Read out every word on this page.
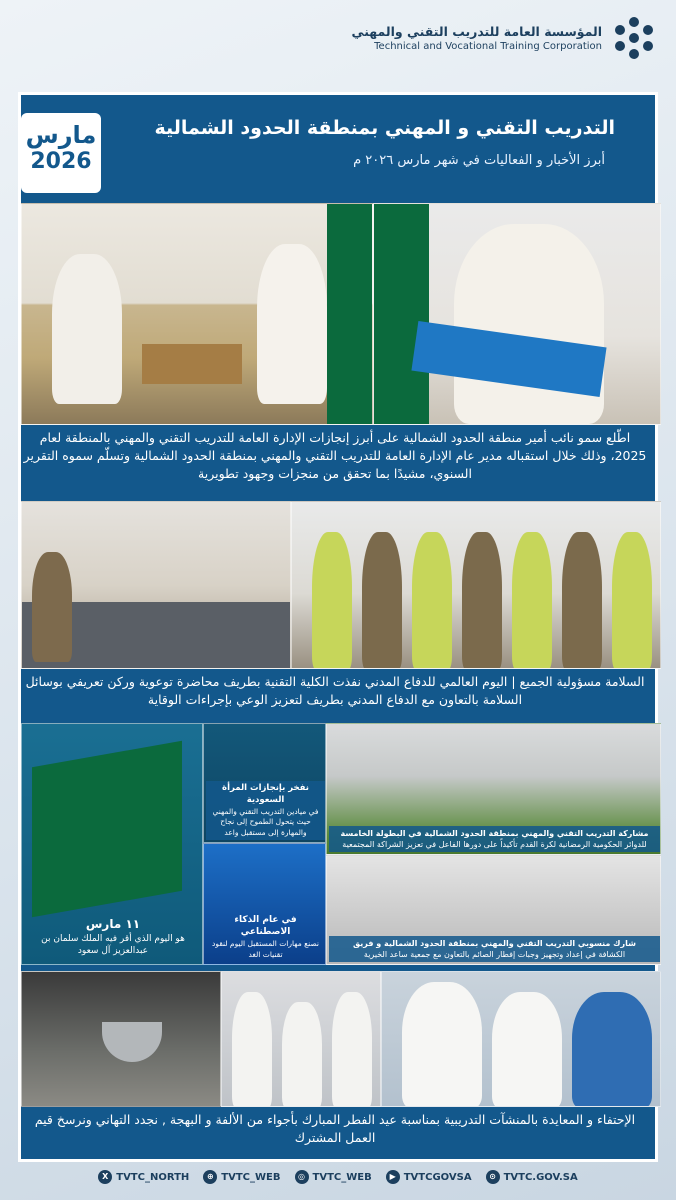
المؤسسة العامة للتدريب التقني والمهني
Technical and Vocational Training Corporation
مارس
2026
التدريب التقني و المهني بمنطقة الحدود الشمالية
أبرز الأخبار و الفعاليات في شهر مارس ٢٠٢٦ م
اطّلع سمو نائب أمير منطقة الحدود الشمالية على أبرز إنجازات الإدارة العامة للتدريب التقني والمهني بالمنطقة لعام 2025، وذلك خلال استقباله مدير عام الإدارة العامة للتدريب التقني والمهني بمنطقة الحدود الشمالية وتسلّم سموه التقرير السنوي، مشيدًا بما تحقق من منجزات وجهود تطويرية
السلامة مسؤولية الجميع | اليوم العالمي للدفاع المدني نفذت الكلية التقنية بطريف محاضرة توعوية وركن تعريفي بوسائل السلامة بالتعاون مع الدفاع المدني بطريف لتعزيز الوعي بإجراءات الوقاية
١١ مارس
هو اليوم الذي أقر فيه الملك سلمان بن عبدالعزيز آل سعود
نفخر بإنجازات المرأة السعودية
في ميادين التدريب التقني والمهني حيث يتحول الطموح إلى نجاح والمهارة إلى مستقبل واعد
في عام الذكاء الاصطناعي
نصنع مهارات المستقبل اليوم لنقود تقنيات الغد
مشاركة التدريب التقني والمهني بمنطقة الحدود الشمالية في البطولة الخامسة
للدوائر الحكومية الرمضانية لكرة القدم تأكيداً على دورها الفاعل في تعزيز الشراكة المجتمعية
شارك منسوبي التدريب التقني والمهني بمنطقة الحدود الشمالية و فريق
الكشافة في إعداد وتجهيز وجبات إفطار الصائم بالتعاون مع جمعية ساعد الخيرية
الإحتفاء و المعايدة بالمنشآت التدريبية بمناسبة عيد الفطر المبارك بأجواء من الألفة و البهجة , نجدد التهاني ونرسخ قيم العمل المشترك
X TVTC_NORTH	⊕ TVTC_WEB	◎ TVTC_WEB	▶ TVTCGOVSA	⊙ TVTC.GOV.SA
